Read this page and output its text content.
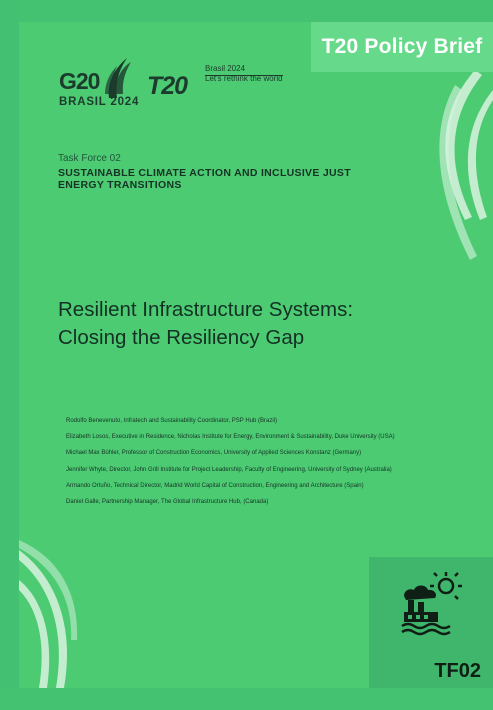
T20 Policy Brief
G20
BRASIL 2024
T20
Brasil 2024
Let's rethink the world
Task Force 02
SUSTAINABLE CLIMATE ACTION AND INCLUSIVE JUST ENERGY TRANSITIONS
Resilient Infrastructure Systems:
Closing the Resiliency Gap
Rodolfo Benevenuto, Infratech and Sustainability Coordinator, PSP Hub (Brazil)
Elizabeth Losos, Executive in Residence, Nicholas Institute for Energy, Environment & Sustainability, Duke University (USA)
Michael Max Bühler, Professor of Construction Economics, University of Applied Sciences Konstanz (Germany)
Jennifer Whyte, Director, John Grill Institute for Project Leadership, Faculty of Engineering, University of Sydney (Australia)
Armando Ortuño, Technical Director, Madrid World Capital of Construction, Engineering and Architecture (Spain)
Daniel Galle, Partnership Manager, The Global Infrastructure Hub, (Canada)
TF02
